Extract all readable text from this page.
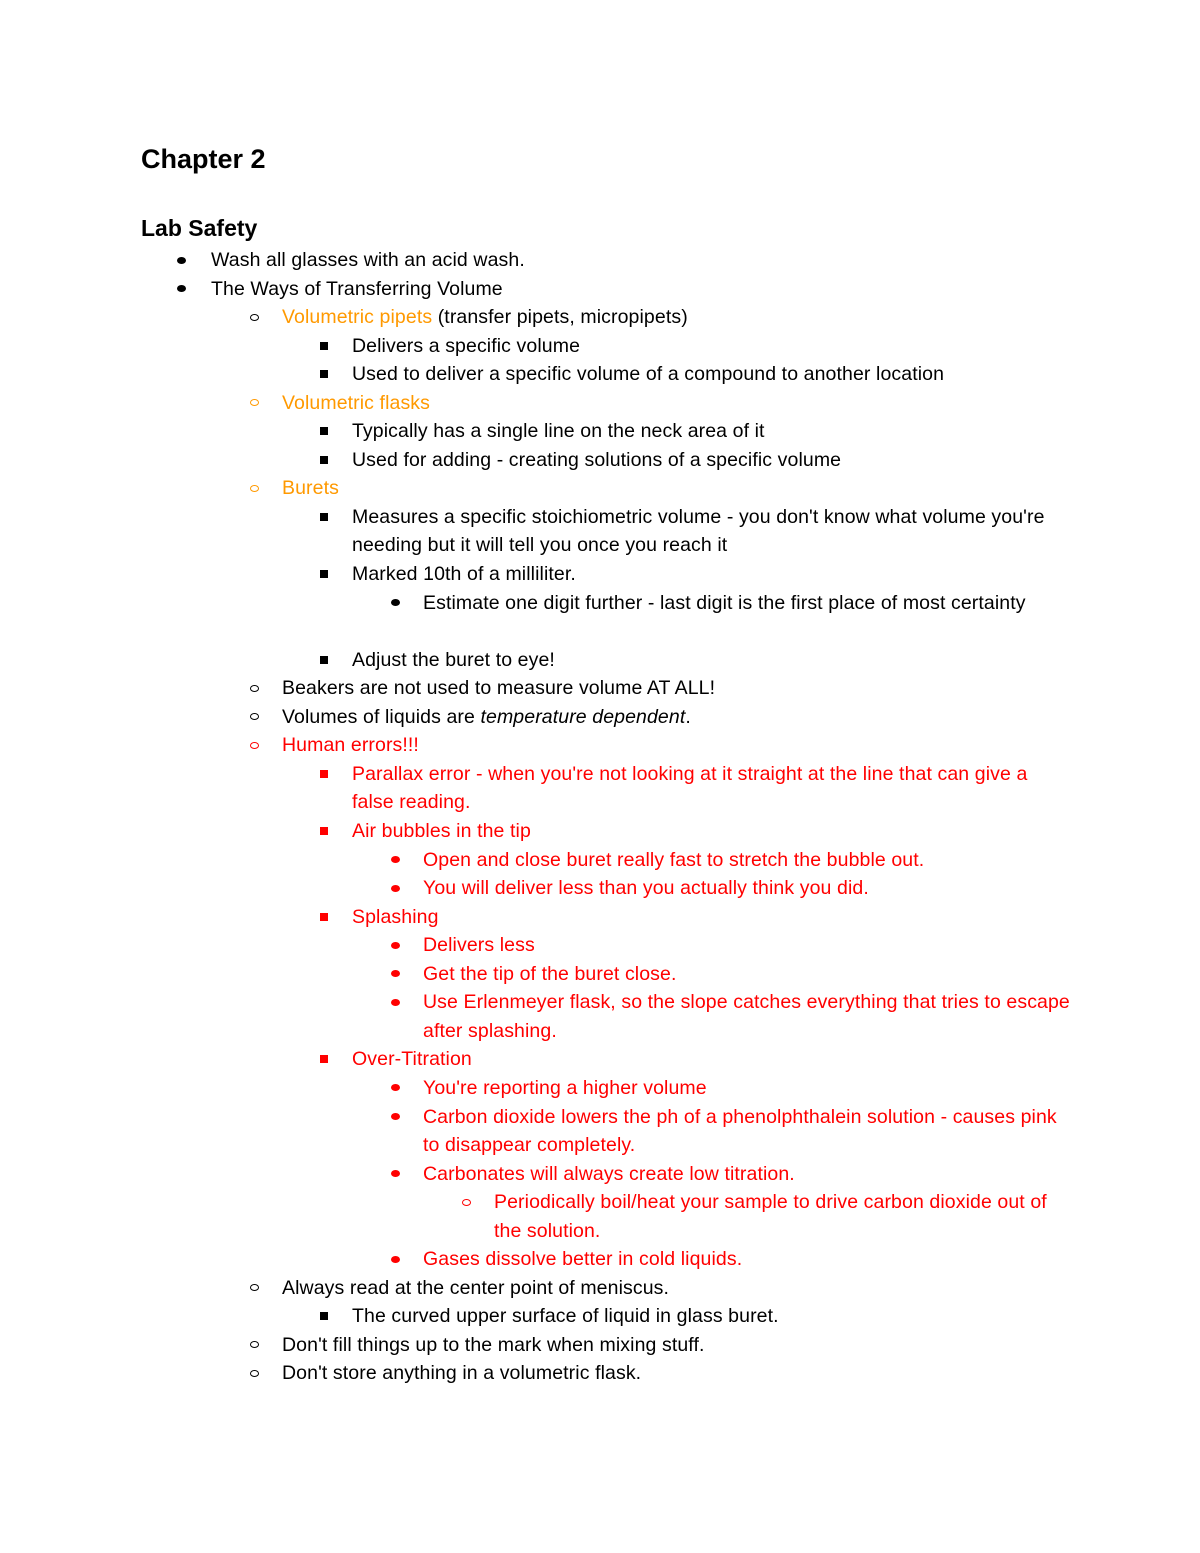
Chapter 2
Lab Safety
Wash all glasses with an acid wash.
The Ways of Transferring Volume
Volumetric pipets (transfer pipets, micropipets)
Delivers a specific volume
Used to deliver a specific volume of a compound to another location
Volumetric flasks
Typically has a single line on the neck area of it
Used for adding - creating solutions of a specific volume
Burets
Measures a specific stoichiometric volume - you don't know what volume you're needing but it will tell you once you reach it
Marked 10th of a milliliter.
Estimate one digit further - last digit is the first place of most certainty
Adjust the buret to eye!
Beakers are not used to measure volume AT ALL!
Volumes of liquids are temperature dependent.
Human errors!!!
Parallax error - when you're not looking at it straight at the line that can give a false reading.
Air bubbles in the tip
Open and close buret really fast to stretch the bubble out.
You will deliver less than you actually think you did.
Splashing
Delivers less
Get the tip of the buret close.
Use Erlenmeyer flask, so the slope catches everything that tries to escape after splashing.
Over-Titration
You're reporting a higher volume
Carbon dioxide lowers the ph of a phenolphthalein solution - causes pink to disappear completely.
Carbonates will always create low titration.
Periodically boil/heat your sample to drive carbon dioxide out of the solution.
Gases dissolve better in cold liquids.
Always read at the center point of meniscus.
The curved upper surface of liquid in glass buret.
Don't fill things up to the mark when mixing stuff.
Don't store anything in a volumetric flask.
